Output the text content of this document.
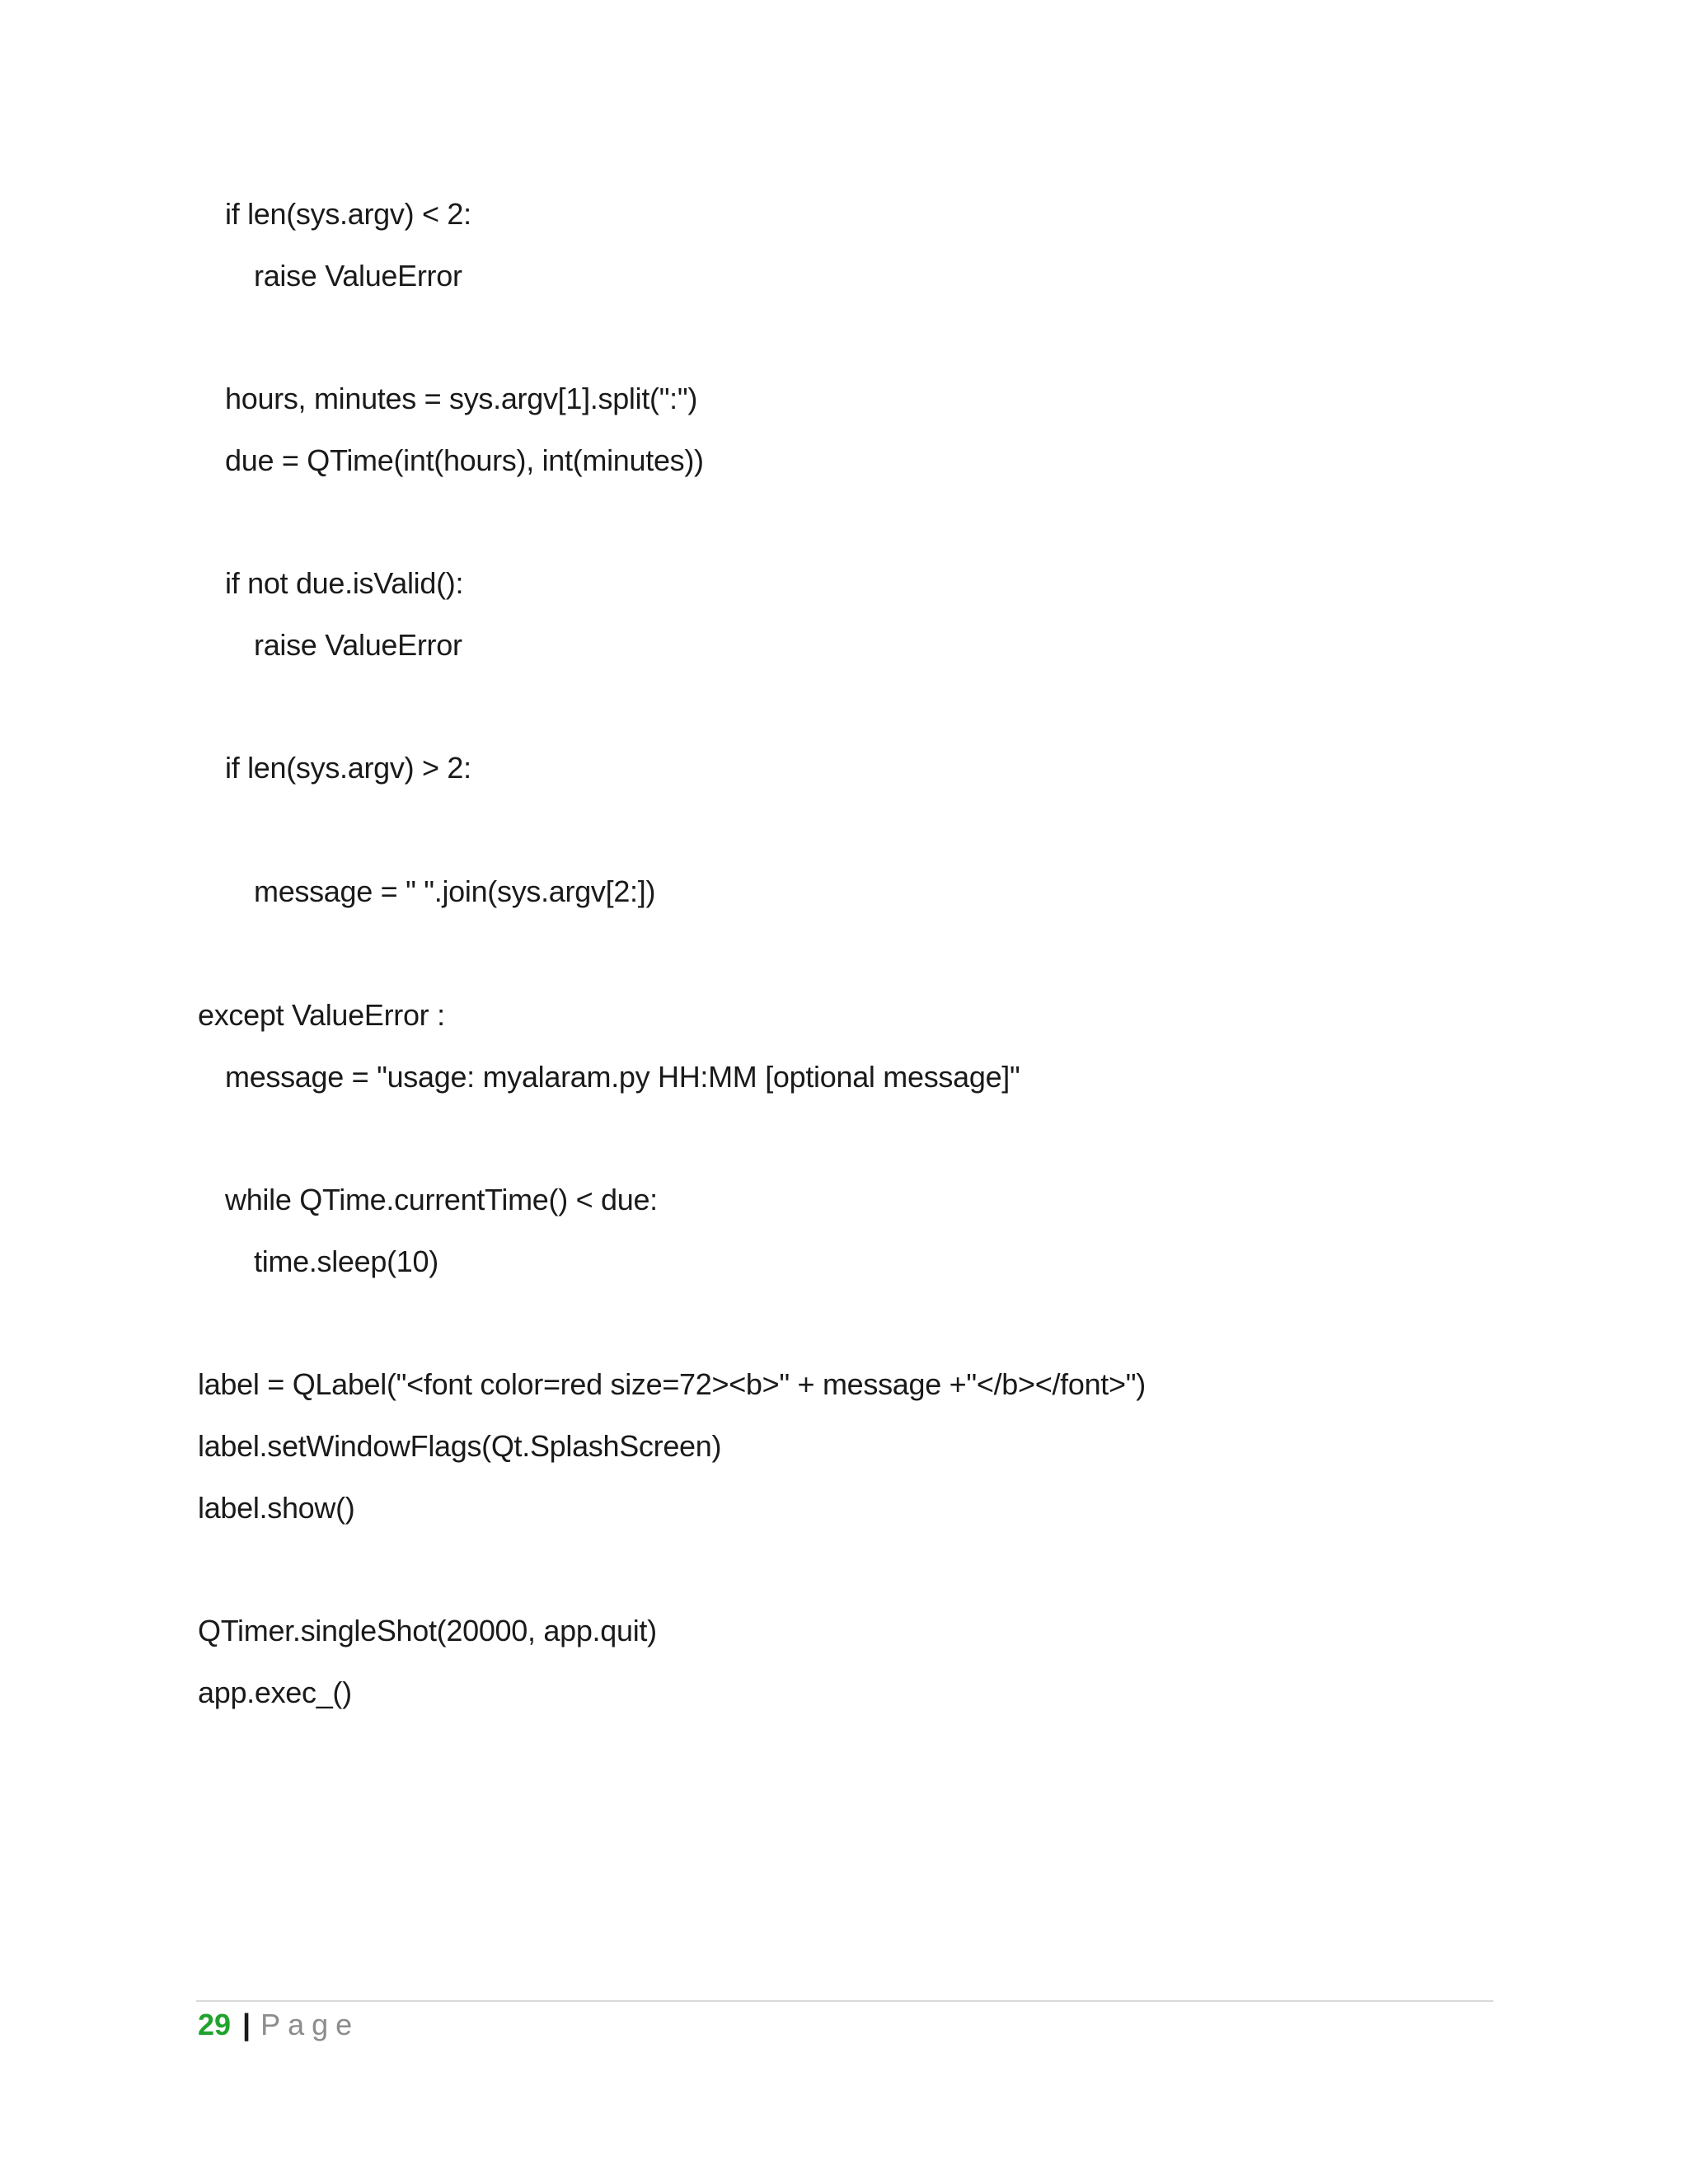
if len(sys.argv) < 2:
raise ValueError
hours, minutes = sys.argv[1].split(":")
due = QTime(int(hours), int(minutes))
if not due.isValid():
raise ValueError
if len(sys.argv) > 2:
message = " ".join(sys.argv[2:])
except ValueError :
message = "usage: myalaram.py HH:MM [optional message]"
while QTime.currentTime() < due:
time.sleep(10)
label = QLabel("<font color=red size=72><b>" + message +"</b></font>")
label.setWindowFlags(Qt.SplashScreen)
label.show()
QTimer.singleShot(20000, app.quit)
app.exec_()
29 | Page
